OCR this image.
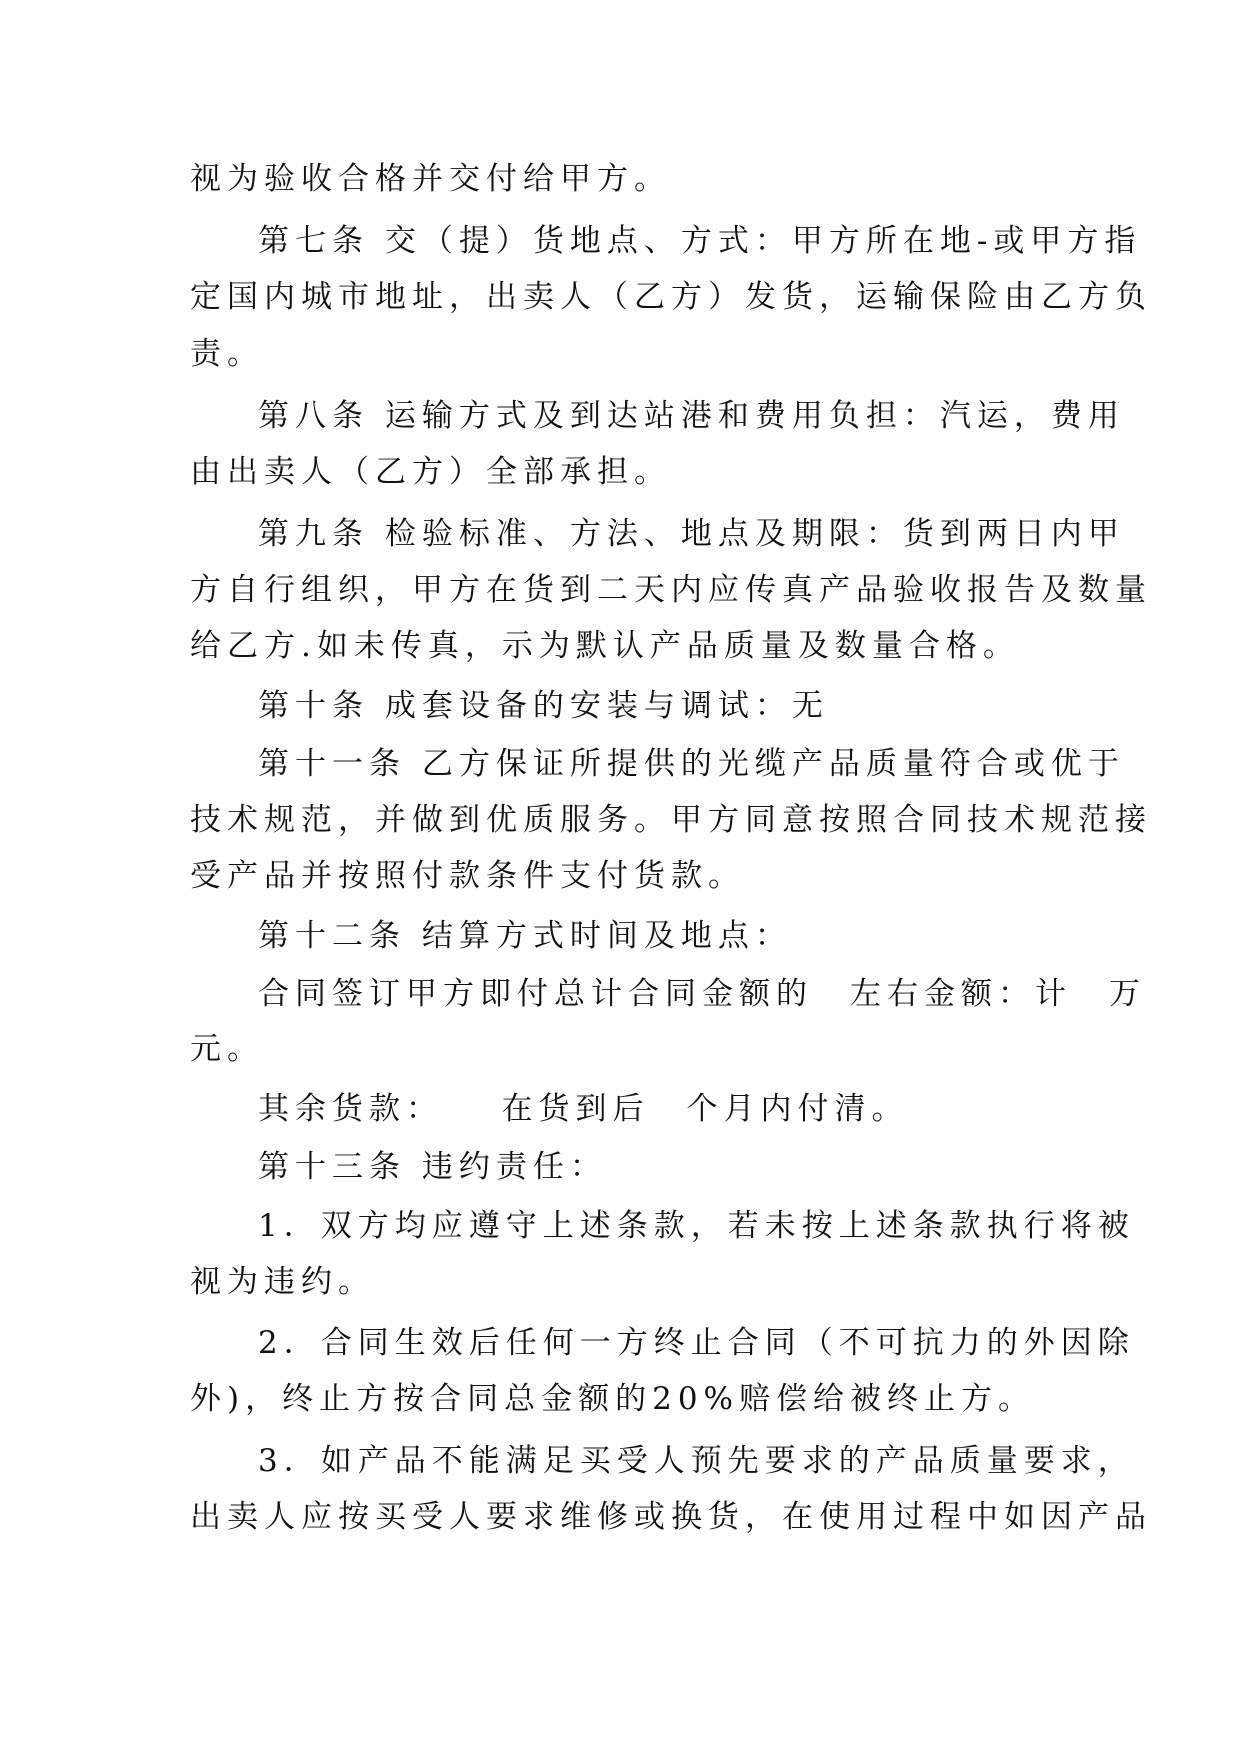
视为验收合格并交付给甲方。
第七条 交（提）货地点、方式：甲方所在地-或甲方指
定国内城市地址，出卖人（乙方）发货，运输保险由乙方负
责。
第八条 运输方式及到达站港和费用负担：汽运，费用
由出卖人（乙方）全部承担。
第九条 检验标准、方法、地点及期限：货到两日内甲
方自行组织，甲方在货到二天内应传真产品验收报告及数量
给乙方.如未传真，示为默认产品质量及数量合格。
第十条 成套设备的安装与调试：无
第十一条 乙方保证所提供的光缆产品质量符合或优于
技术规范，并做到优质服务。甲方同意按照合同技术规范接
受产品并按照付款条件支付货款。
第十二条 结算方式时间及地点：
合同签订甲方即付总计合同金额的　左右金额：计　万
元。
其余货款：　　在货到后　个月内付清。
第十三条 违约责任：
1．双方均应遵守上述条款，若未按上述条款执行将被
视为违约。
2．合同生效后任何一方终止合同（不可抗力的外因除
外)，终止方按合同总金额的20%赔偿给被终止方。
3．如产品不能满足买受人预先要求的产品质量要求，
出卖人应按买受人要求维修或换货，在使用过程中如因产品
